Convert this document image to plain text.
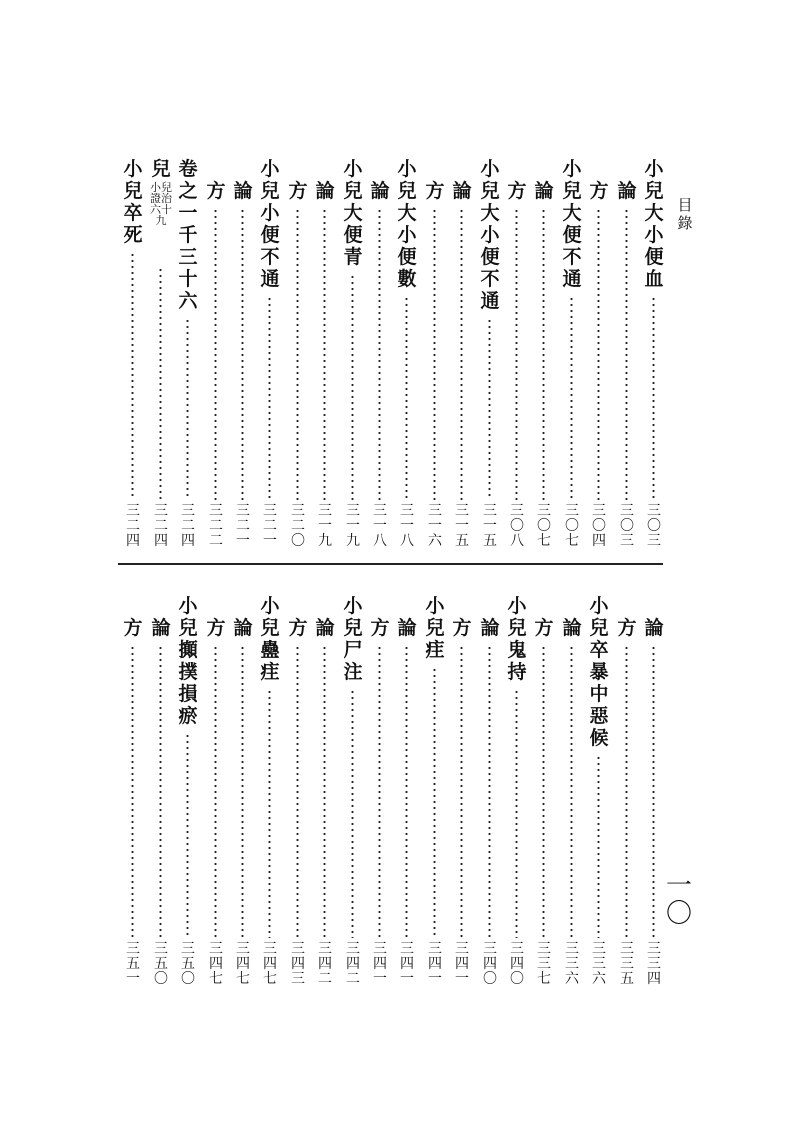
目錄
小兒大小便血
三〇三
論
三〇三
方
三〇四
小兒大便不通
三〇七
論
三〇七
方
三〇八
小兒大小便不通
三一五
論
三一五
方
三一六
小兒大小便數
三一八
論
三一八
小兒大便青
三一九
論
三一九
方
三二〇
小兒小便不通
三二一
論
三二一
方
三二二
卷之一千三十六
三二四
兒
小兒證治六十九
三二四
小兒卒死
三二四
論
三三四
方
三三五
小兒卒暴中惡候
三三六
論
三三六
方
三三七
小兒鬼持
三四〇
論
三四〇
方
三四一
小兒疰
三四一
論
三四一
方
三四一
小兒尸注
三四二
論
三四二
方
三四三
小兒蠱疰
三四七
論
三四七
方
三四七
小兒攧撲損瘀
三五〇
論
三五〇
方
三五一
一〇
